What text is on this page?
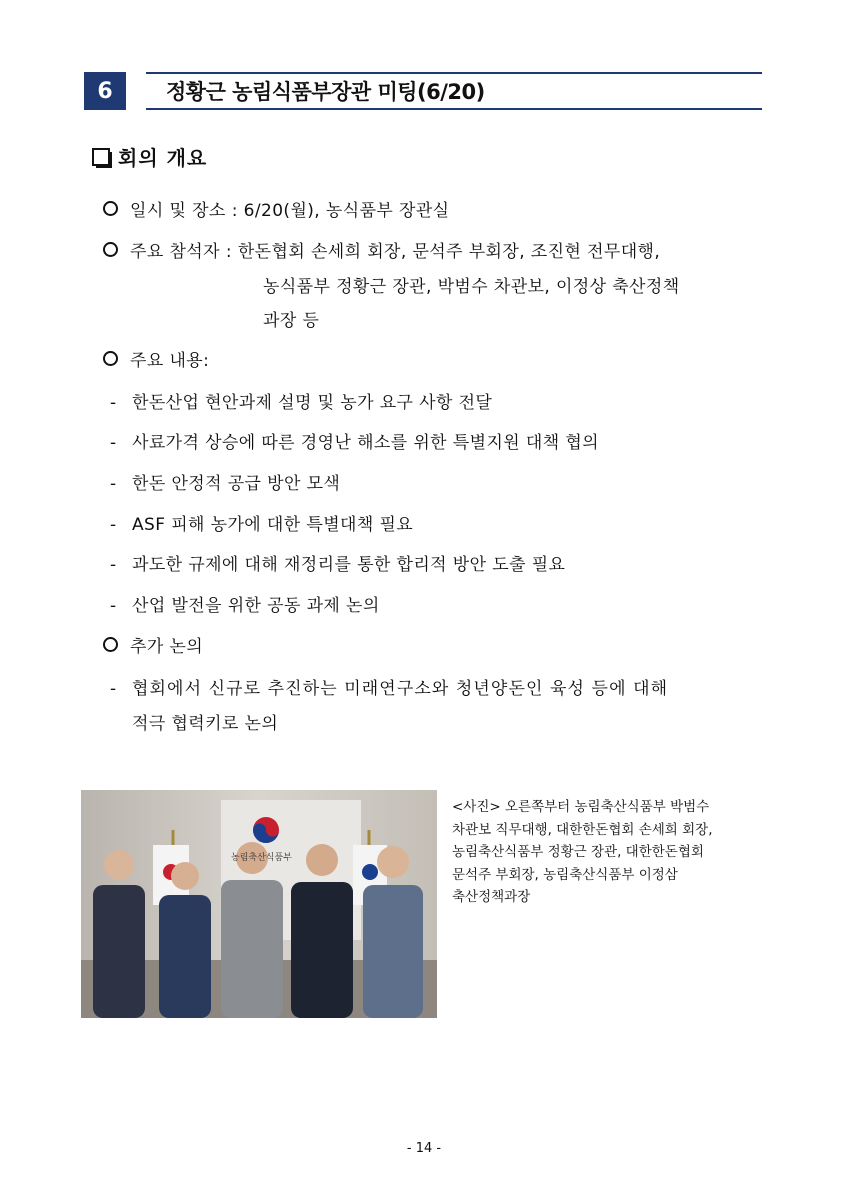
6	정황근 농림식품부장관 미팅(6/20)
회의 개요
일시 및 장소 : 6/20(월), 농식품부 장관실
주요 참석자 : 한돈협회 손세희 회장, 문석주 부회장, 조진현 전무대행,
농식품부 정황근 장관, 박범수 차관보, 이정상 축산정책
과장 등
주요 내용:
- 한돈산업 현안과제 설명 및 농가 요구 사항 전달
- 사료가격 상승에 따른 경영난 해소를 위한 특별지원 대책 협의
- 한돈 안정적 공급 방안 모색
- ASF 피해 농가에 대한 특별대책 필요
- 과도한 규제에 대해 재정리를 통한 합리적 방안 도출 필요
- 산업 발전을 위한 공동 과제 논의
추가 논의
- 협회에서 신규로 추진하는 미래연구소와 청년양돈인 육성 등에 대해
적극 협력키로 논의
농림축산식품부
<사진> 오른쪽부터 농림축산식품부 박범수
차관보 직무대행, 대한한돈협회 손세희 회장,
농림축산식품부 정황근 장관, 대한한돈협회
문석주 부회장, 농림축산식품부 이정삼
축산정책과장
- 14 -
